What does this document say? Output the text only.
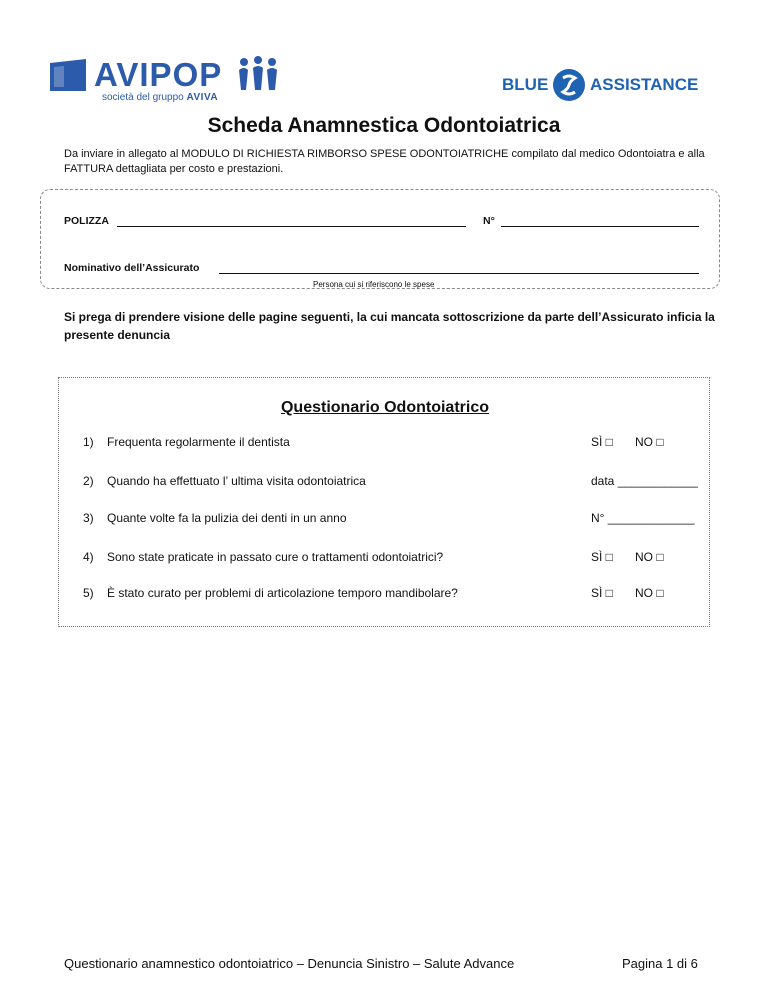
AVIPOP
società del gruppo AVIVA
BLUE ASSISTANCE
Scheda Anamnestica Odontoiatrica
Da inviare in allegato al MODULO DI RICHIESTA RIMBORSO SPESE ODONTOIATRICHE compilato dal medico Odontoiatra e alla FATTURA dettagliata per costo e prestazioni.
POLIZZA	N°
Nominativo dell’Assicurato
Persona cui si riferiscono le spese
Si prega di prendere visione delle pagine seguenti, la cui mancata sottoscrizione da parte dell’Assicurato inficia la presente denuncia
Questionario Odontoiatrico
1) Frequenta regolarmente il dentista	SÌ □ NO □
2) Quando ha effettuato l’ ultima visita odontoiatrica	data ____________
3) Quante volte fa la pulizia dei denti in un anno	N° _____________
4) Sono state praticate in passato cure o trattamenti odontoiatrici?	SÌ □ NO □
5) È stato curato per problemi di articolazione temporo mandibolare?	SÌ □ NO □
Questionario anamnestico odontoiatrico – Denuncia Sinistro – Salute Advance	Pagina 1 di 6
